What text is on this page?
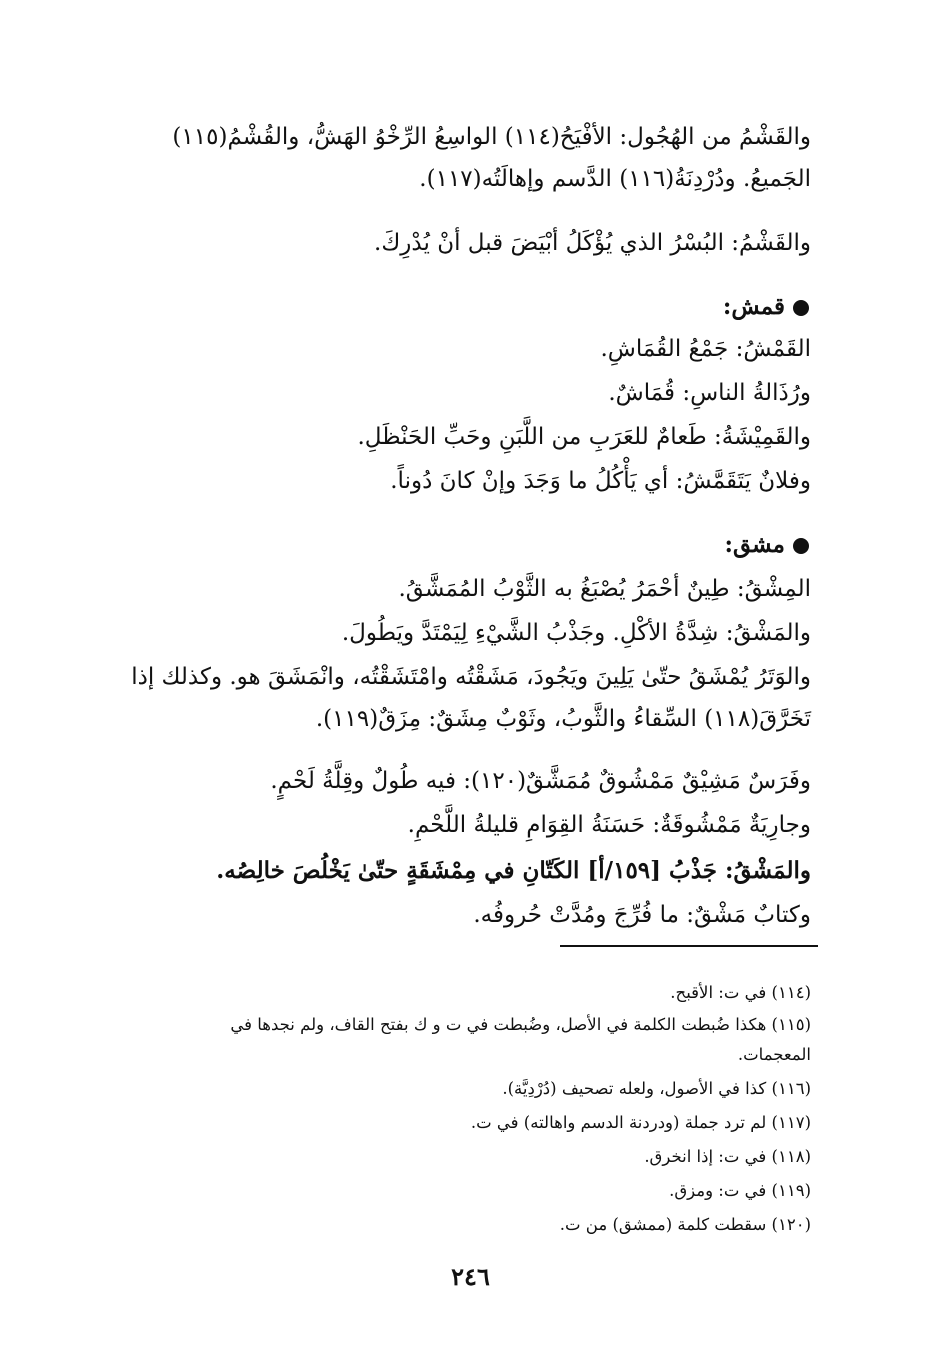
والقَشْمُ من الهُجُول: الأفْيَحُ(١١٤) الواسِعُ الرِّخْوُ الهَشُّ، والقُشْمُ(١١٥)
الجَميعُ. ودُرْدِنَةُ(١١٦) الدَّسم وإهالَتُه(١١٧).
والقَشْمُ: البُسْرُ الذي يُؤْكَلُ أبْيَضَ قبل أنْ يُدْرِكَ.
قمش:
القَمْشُ: جَمْعُ القُمَاشِ.
ورُذَالةُ الناسِ: قُمَاشٌ.
والقَمِيْشَةُ: طَعامٌ للعَرَبِ من اللَّبَنِ وحَبِّ الحَنْظَلِ.
وفلانٌ يَتَقَمَّشُ: أي يَأْكُلُ ما وَجَدَ وإنْ كانَ دُوناً.
مشق:
المِشْقُ: طِينٌ أحْمَرُ يُصْبَغُ به الثَّوْبُ المُمَشَّقُ.
والمَشْقُ: شِدَّةُ الأكْلِ. وجَذْبُ الشَّيْءِ لِيَمْتَدَّ ويَطُولَ.
والوَتَرُ يُمْشَقُ حتّىٰ يَلِينَ ويَجُودَ، مَشَقْتُه وامْتَشَقْتُه، وانْمَشَقَ هو. وكذلك إذا
تَخَرَّقَ(١١٨) السِّقاءُ والثَّوبُ، وثَوْبٌ مِشَقٌ: مِزَقٌ(١١٩).
وفَرَسٌ مَشِيْقٌ مَمْشُوقٌ مُمَشَّقٌ(١٢٠): فيه طُولٌ وقِلَّةُ لَحْمٍ.
وجارِيَةٌ مَمْشُوقَةٌ: حَسَنَةُ القِوَامِ قليلةُ اللَّحْمِ.
والمَشْقُ: جَذْبُ [١٥٩/أ] الكَتّانِ في مِمْشَقَةٍ حتّىٰ يَخْلُصَ خالِصُه.
وكتابٌ مَشْقٌ: ما فُرِّجَ ومُدَّتْ حُروفُه.
(١١٤) في ت: الأقبح.
(١١٥) هكذا ضُبطت الكلمة في الأصل، وضُبطت في ت و ك بفتح القاف، ولم نجدها في
المعجمات.
(١١٦) كذا في الأصول، ولعله تصحيف (دُرْدِيَّة).
(١١٧) لم ترد جملة (ودردنة الدسم واهالته) في ت.
(١١٨) في ت: إذا انخرق.
(١١٩) في ت: ومزق.
(١٢٠) سقطت كلمة (ممشق) من ت.
٢٤٦
